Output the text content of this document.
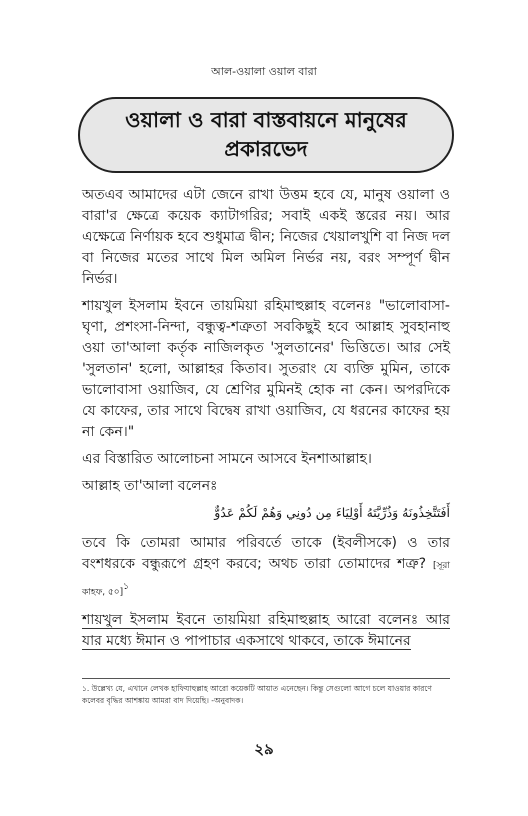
আল-ওয়ালা ওয়াল বারা
ওয়ালা ও বারা বাস্তবায়নে মানুষের প্রকারভেদ

অতএব আমাদের এটা জেনে রাখা উত্তম হবে যে, মানুষ ওয়ালা ও বারা'র ক্ষেত্রে কয়েক ক্যাটাগরির; সবাই একই স্তরের নয়। আর এক্ষেত্রে নির্ণায়ক হবে শুধুমাত্র দ্বীন; নিজের খেয়ালখুশি বা নিজ দল বা নিজের মতের সাথে মিল অমিল নির্ভর নয়, বরং সম্পূর্ণ দ্বীন নির্ভর।

শায়খুল ইসলাম ইবনে তায়মিয়া রহিমাহুল্লাহ বলেনঃ "ভালোবাসা-ঘৃণা, প্রশংসা-নিন্দা, বন্ধুত্ব-শত্রুতা সবকিছুই হবে আল্লাহ সুবহানাহু ওয়া তা'আলা কর্তৃক নাজিলকৃত 'সুলতানের' ভিত্তিতে। আর সেই 'সুলতান' হলো, আল্লাহর কিতাব। সুতরাং যে ব্যক্তি মুমিন, তাকে ভালোবাসা ওয়াজিব, যে শ্রেণির মুমিনই হোক না কেন। অপরদিকে যে কাফের, তার সাথে বিদ্বেষ রাখা ওয়াজিব, যে ধরনের কাফের হয় না কেন।"

এর বিস্তারিত আলোচনা সামনে আসবে ইনশাআল্লাহ।

আল্লাহ তা'আলা বলেনঃ

أَفَتَتَّخِذُونَهُ وَذُرِّيَّتَهُ أَوْلِيَاءَ مِن دُونِي وَهُمْ لَكُمْ عَدُوٌّ

তবে কি তোমরা আমার পরিবর্তে তাকে (ইবলীসকে) ও তার বংশধরকে বন্ধুরূপে গ্রহণ করবে; অথচ তারা তোমাদের শত্রু? [সূরা কাহফ, ৫০]$^১$

শায়খুল ইসলাম ইবনে তায়মিয়া রহিমাহুল্লাহ আরো বলেনঃ আর যার মধ্যে ঈমান ও পাপাচার একসাথে থাকবে, তাকে ঈমানের

১. উল্লেখ্য যে, এখানে লেখক হাফিযাহুল্লাহ আরো কয়েকটি আয়াত এনেছেন। কিন্তু সেগুলো আগে চলে যাওয়ার কারণে কলেবর বৃদ্ধির আশঙ্কায় আমরা বাদ দিয়েছি। -অনুবাদক।
২৯
